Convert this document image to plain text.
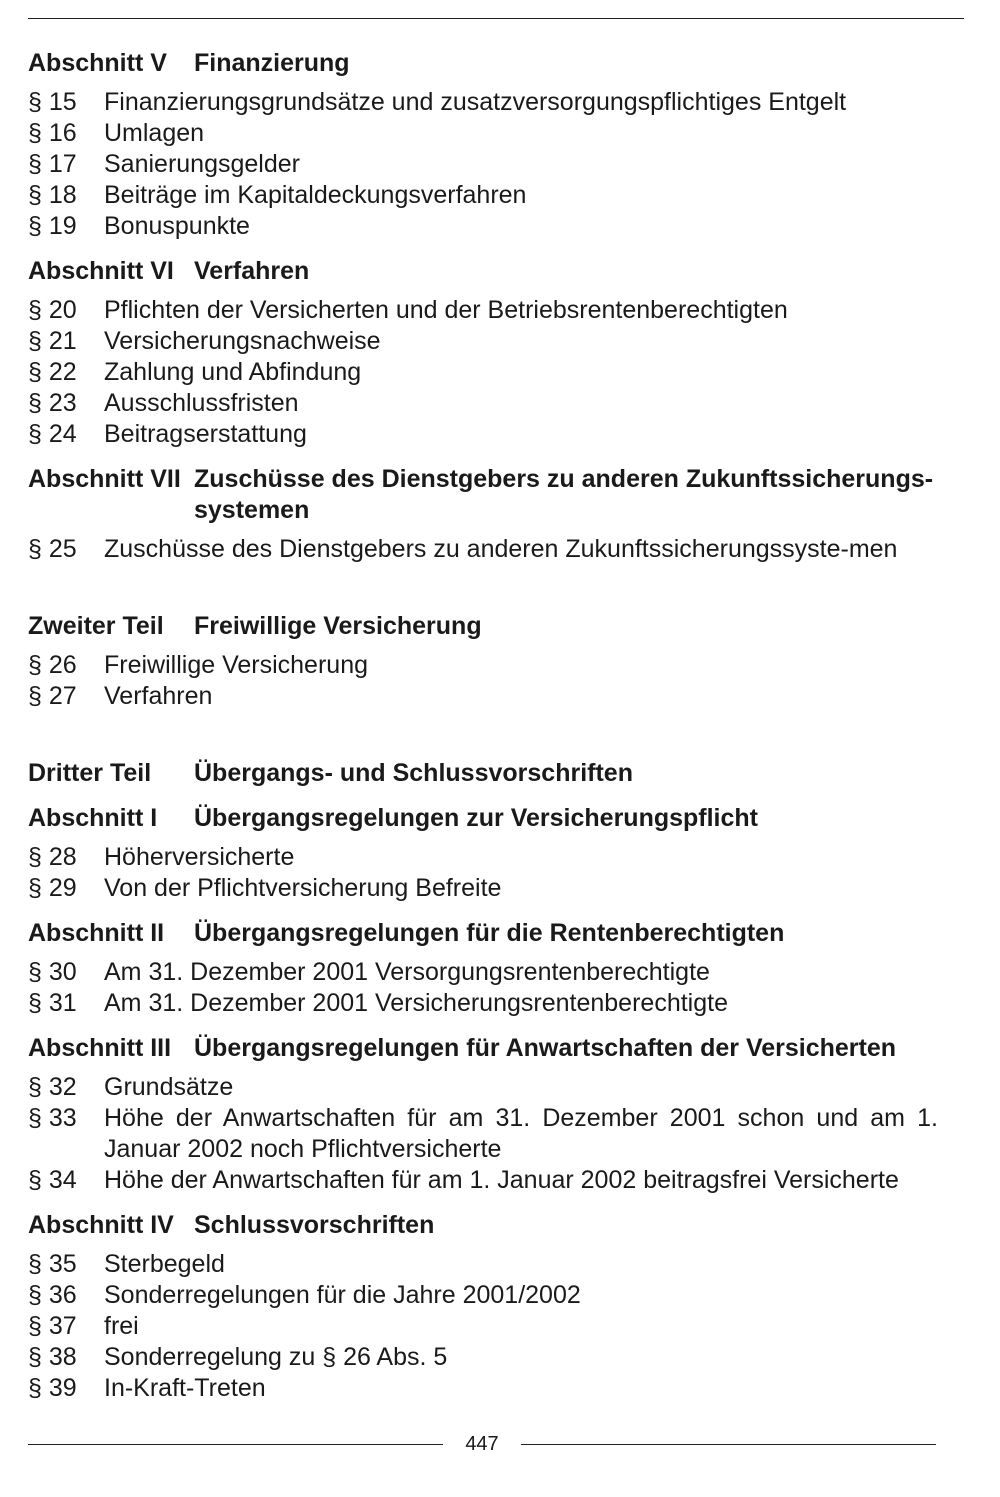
Abschnitt V	Finanzierung
§ 15	Finanzierungsgrundsätze und zusatzversorgungspflichtiges Entgelt
§ 16	Umlagen
§ 17	Sanierungsgelder
§ 18	Beiträge im Kapitaldeckungsverfahren
§ 19	Bonuspunkte
Abschnitt VI Verfahren
§ 20	Pflichten der Versicherten und der Betriebsrentenberechtigten
§ 21	Versicherungsnachweise
§ 22	Zahlung und Abfindung
§ 23	Ausschlussfristen
§ 24	Beitragserstattung
Abschnitt VII Zuschüsse des Dienstgebers zu anderen Zukunftssicherungs-systemen
§ 25	Zuschüsse des Dienstgebers zu anderen Zukunftssicherungssyste-men
Zweiter Teil	Freiwillige Versicherung
§ 26	Freiwillige Versicherung
§ 27	Verfahren
Dritter Teil	Übergangs- und Schlussvorschriften
Abschnitt I	Übergangsregelungen zur Versicherungspflicht
§ 28	Höherversicherte
§ 29	Von der Pflichtversicherung Befreite
Abschnitt II	Übergangsregelungen für die Rentenberechtigten
§ 30	Am 31. Dezember 2001 Versorgungsrentenberechtigte
§ 31	Am 31. Dezember 2001 Versicherungsrentenberechtigte
Abschnitt III Übergangsregelungen für Anwartschaften der Versicherten
§ 32	Grundsätze
§ 33	Höhe der Anwartschaften für am 31. Dezember 2001 schon und am 1. Januar 2002 noch Pflichtversicherte
§ 34	Höhe der Anwartschaften für am 1. Januar 2002 beitragsfrei Versicherte
Abschnitt IV Schlussvorschriften
§ 35	Sterbegeld
§ 36	Sonderregelungen für die Jahre 2001/2002
§ 37	frei
§ 38	Sonderregelung zu § 26 Abs. 5
§ 39	In-Kraft-Treten
447
